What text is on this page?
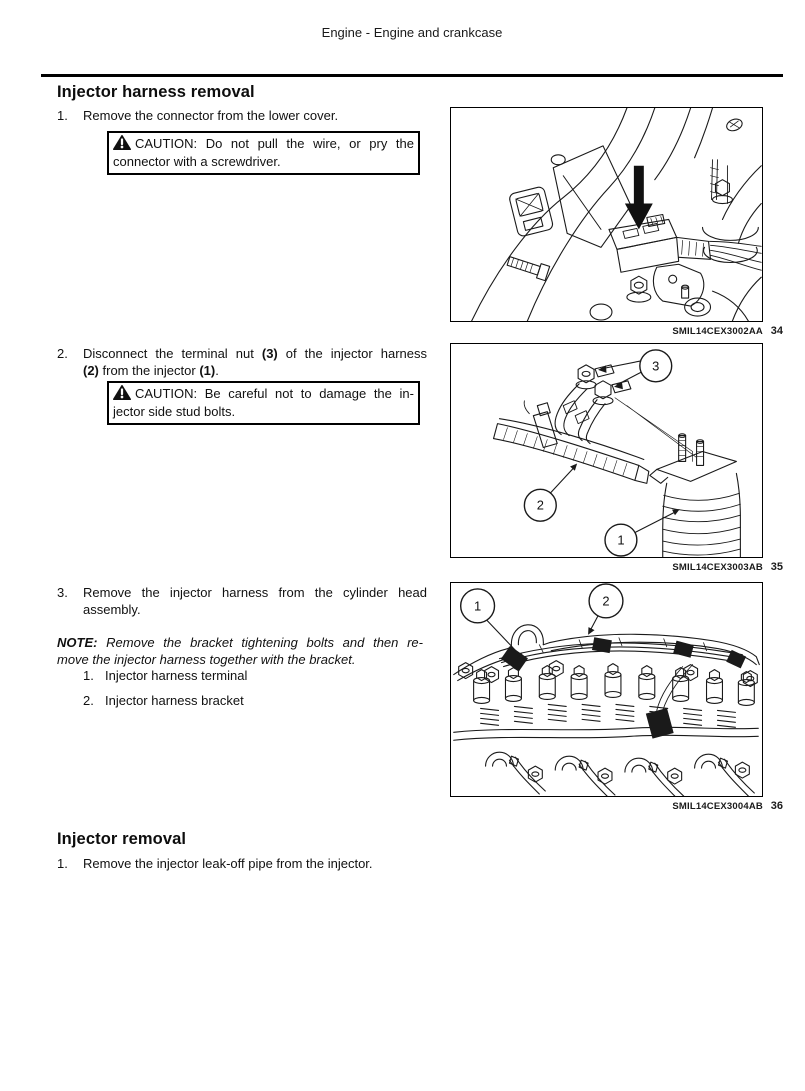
Engine - Engine and crankcase
Injector harness removal
1. Remove the connector from the lower cover.
CAUTION: Do not pull the wire, or pry the
connector with a screwdriver.
SMIL14CEX3002AA 34
2. Disconnect the terminal nut (3) of the injector harness
(2) from the injector (1).
CAUTION: Be careful not to damage the in-
jector side stud bolts.
3
2
1
SMIL14CEX3003AB 35
3. Remove the injector harness from the cylinder head
assembly.
NOTE: Remove the bracket tightening bolts and then re-
move the injector harness together with the bracket.
1. Injector harness terminal
2. Injector harness bracket
1	2
SMIL14CEX3004AB 36
Injector removal
1. Remove the injector leak-off pipe from the injector.
